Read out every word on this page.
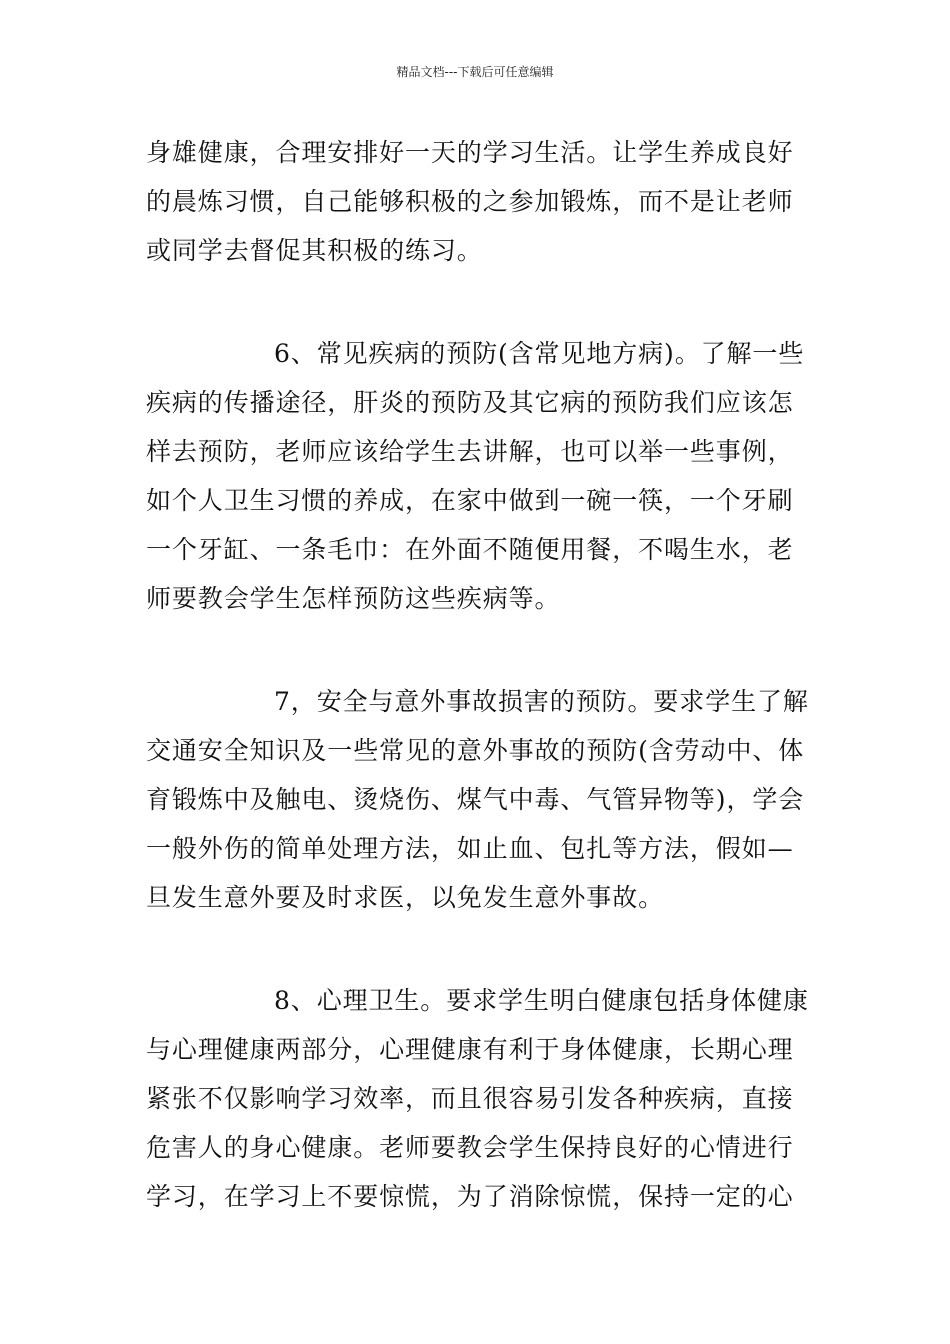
精品文档---下载后可任意编辑
身雄健康，合理安排好一天的学习生活。让学生养成良好
的晨炼习惯，自己能够积极的之参加锻炼，而不是让老师
或同学去督促其积极的练习。
6、常见疾病的预防(含常见地方病)。了解一些
疾病的传播途径，肝炎的预防及其它病的预防我们应该怎
样去预防，老师应该给学生去讲解，也可以举一些事例，
如个人卫生习惯的养成，在家中做到一碗一筷，一个牙刷
一个牙缸、一条毛巾：在外面不随便用餐，不喝生水，老
师要教会学生怎样预防这些疾病等。
7，安全与意外事故损害的预防。要求学生了解
交通安全知识及一些常见的意外事故的预防(含劳动中、体
育锻炼中及触电、烫烧伤、煤气中毒、气管异物等)，学会
一般外伤的简单处理方法，如止血、包扎等方法，假如—
旦发生意外要及时求医，以免发生意外事故。
8、心理卫生。要求学生明白健康包括身体健康
与心理健康两部分，心理健康有利于身体健康，长期心理
紧张不仅影响学习效率，而且很容易引发各种疾病，直接
危害人的身心健康。老师要教会学生保持良好的心情进行
学习，在学习上不要惊慌，为了消除惊慌，保持一定的心
